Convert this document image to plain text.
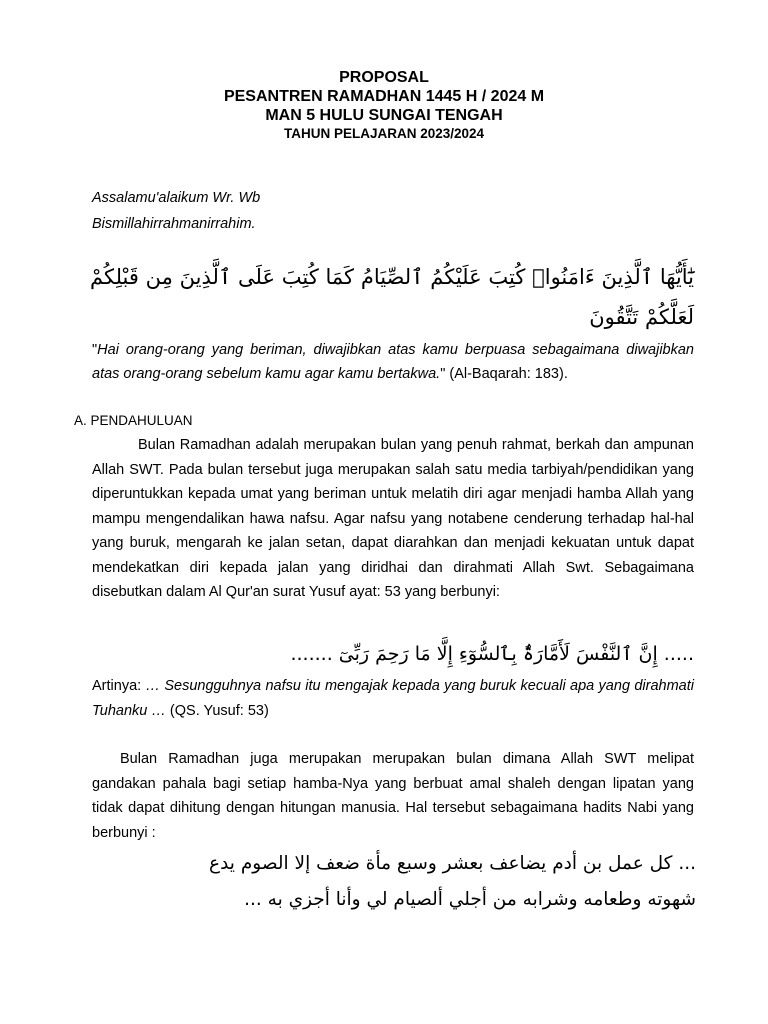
PROPOSAL
PESANTREN RAMADHAN 1445 H / 2024 M
MAN 5 HULU SUNGAI TENGAH
TAHUN PELAJARAN 2023/2024
Assalamu'alaikum Wr. Wb
Bismillahirrahmanirrahim.
يَٰٓأَيُّهَا ٱلَّذِينَ ءَامَنُوا۟ كُتِبَ عَلَيْكُمُ ٱلصِّيَامُ كَمَا كُتِبَ عَلَى ٱلَّذِينَ مِن قَبْلِكُمْ لَعَلَّكُمْ تَتَّقُونَ
"Hai orang-orang yang beriman, diwajibkan atas kamu berpuasa sebagaimana diwajibkan atas orang-orang sebelum kamu agar kamu bertakwa." (Al-Baqarah: 183).
A. PENDAHULUAN

Bulan Ramadhan adalah merupakan bulan yang penuh rahmat, berkah dan ampunan Allah SWT. Pada bulan tersebut juga merupakan salah satu media tarbiyah/pendidikan yang diperuntukkan kepada umat yang beriman untuk melatih diri agar menjadi hamba Allah yang mampu mengendalikan hawa nafsu. Agar nafsu yang notabene cenderung terhadap hal-hal yang buruk, mengarah ke jalan setan, dapat diarahkan dan menjadi kekuatan untuk dapat mendekatkan diri kepada jalan yang diridhai dan dirahmati Allah Swt. Sebagaimana disebutkan dalam Al Qur'an surat Yusuf ayat: 53 yang berbunyi:

..... إِنَّ ٱلنَّفْسَ لَأَمَّارَةٌۢ بِٱلسُّوٓءِ إِلَّا مَا رَحِمَ رَبِّىٓ .......
Artinya: … Sesungguhnya nafsu itu mengajak kepada yang buruk kecuali apa yang dirahmati Tuhanku … (QS. Yusuf: 53)

Bulan Ramadhan juga merupakan merupakan bulan dimana Allah SWT melipat gandakan pahala bagi setiap hamba-Nya yang berbuat amal shaleh dengan lipatan yang tidak dapat dihitung dengan hitungan manusia. Hal tersebut sebagaimana hadits Nabi yang berbunyi :

... كل عمل بن أدم يضاعف بعشر وسبع مأة ضعف إلا الصوم يدع
شهوته وطعامه وشرابه من أجلي ألصيام لي وأنا أجزي به ...
